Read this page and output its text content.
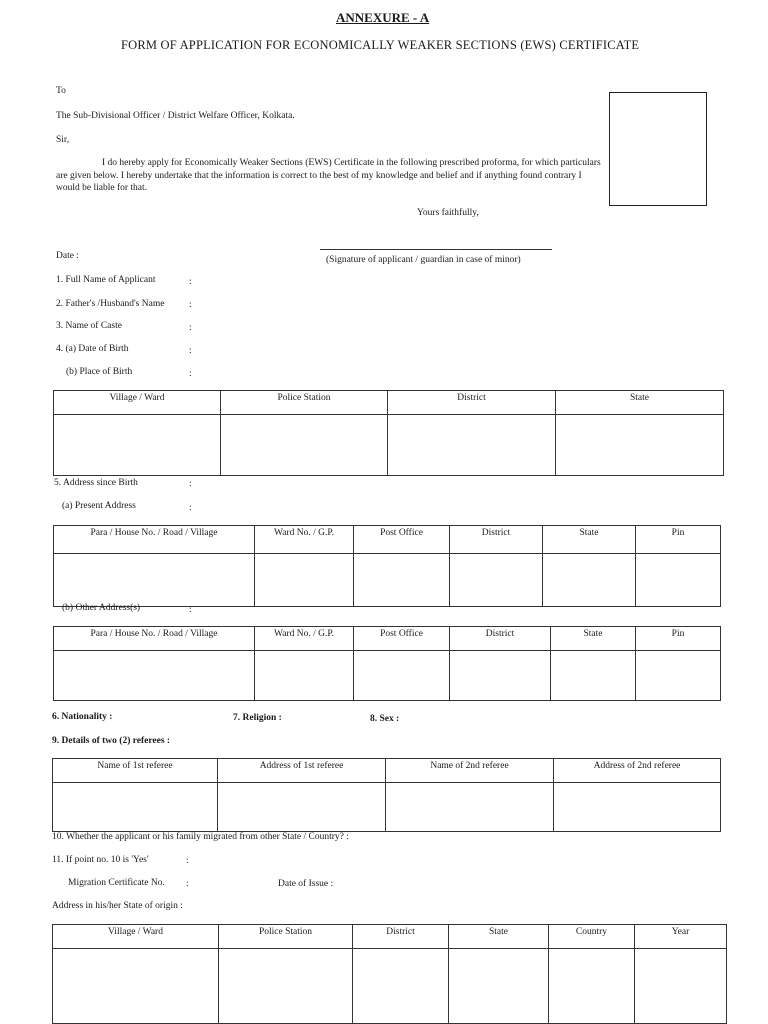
ANNEXURE - A
FORM OF APPLICATION FOR ECONOMICALLY WEAKER SECTIONS (EWS) CERTIFICATE
To
The Sub-Divisional Officer / District Welfare Officer, Kolkata.
Sir,
I do hereby apply for Economically Weaker Sections (EWS) Certificate in the following prescribed proforma, for which particulars are given below. I hereby undertake that the information is correct to the best of my knowledge and belief and if anything found contrary I would be liable for that.
Yours faithfully,
Date :	(Signature of applicant / guardian in case of minor)
1. Full Name of Applicant	:
2. Father's /Husband's Name	:
3. Name of Caste	:
4. (a) Date of Birth	:
(b) Place of Birth	:
Village / Ward	Police Station	District	State

5. Address since Birth	:
(a) Present Address	:
Para / House No. / Road / Village	Ward No. / G.P.	Post Office	District	State	Pin

(b) Other Address(s)	:
Para / House No. / Road / Village	Ward No. / G.P.	Post Office	District	State	Pin

6. Nationality :	7. Religion :	8. Sex :
9. Details of two (2) referees :
Name of 1st referee	Address of 1st referee	Name of 2nd referee	Address of 2nd referee

10. Whether the applicant or his family migrated from other State / Country? :
11. If point no. 10 is 'Yes'	:
Migration Certificate No. :	Date of Issue :
Address in his/her State of origin :
Village / Ward	Police Station	District	State	Country	Year
